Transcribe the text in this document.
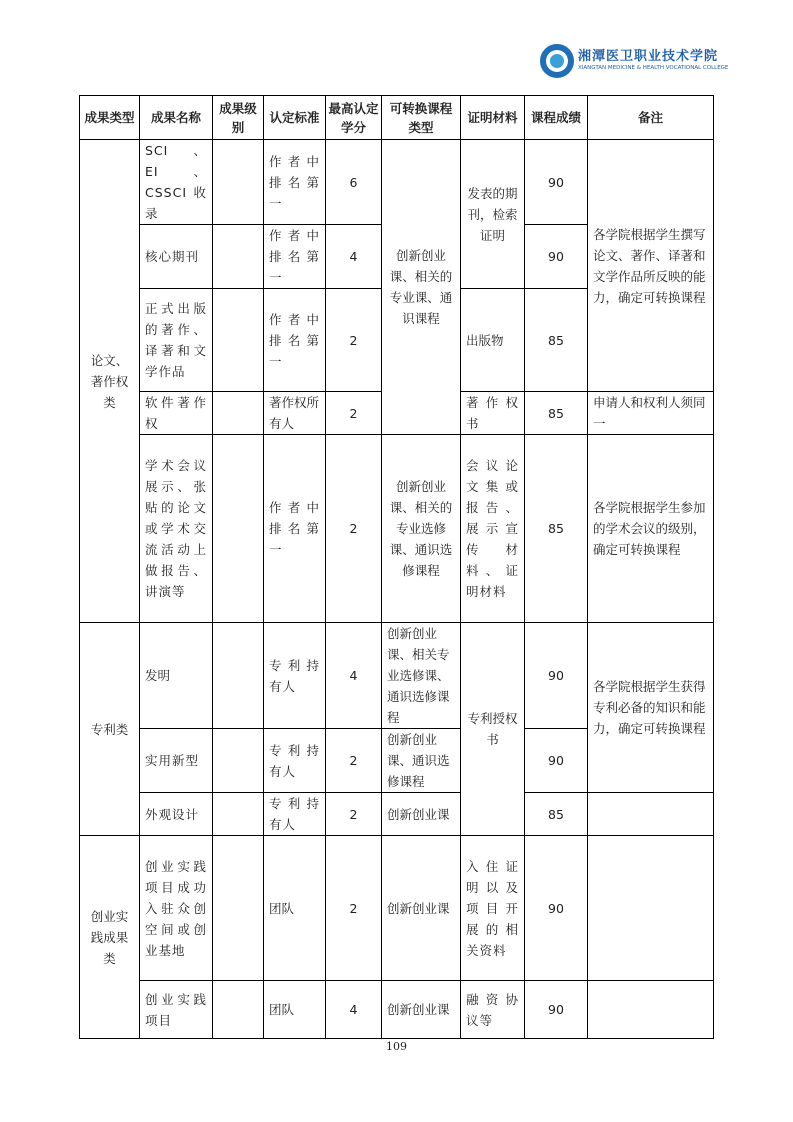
湘潭医卫职业技术学院
XIANGTAN MEDICINE & HEALTH VOCATIONAL COLLEGE
成果类型	成果名称	成果级别	认定标准	最高认定学分	可转换课程类型	证明材料	课程成绩	备注
论文、著作权类	SCI、EI、CSSCI 收录		作者中排名第一	6	创新创业课、相关的专业课、通识课程	发表的期刊，检索证明	90	各学院根据学生撰写论文、著作、译著和文学作品所反映的能力，确定可转换课程
	核心期刊		作者中排名第一	4			90	
	正式出版的著作、译著和文学作品		作者中排名第一	2		出版物	85	
	软件著作权		著作权所有人	2		著作权书	85	申请人和权利人须同一
	学术会议展示、张贴的论文或学术交流活动上做报告、讲演等		作者中排名第一	2	创新创业课、相关的专业选修课、通识选修课程	会议论文集或报告、展示宣传材料、证明材料	85	各学院根据学生参加的学术会议的级别，确定可转换课程
专利类	发明		专利持有人	4	创新创业课、相关专业选修课、通识选修课程	专利授权书	90	各学院根据学生获得专利必备的知识和能力，确定可转换课程
	实用新型		专利持有人	2	创新创业课、通识选修课程		90	
	外观设计		专利持有人	2	创新创业课		85	
创业实践成果类	创业实践项目成功入驻众创空间或创业基地		团队	2	创新创业课	入住证明以及项目开展的相关资料	90	
	创业实践项目		团队	4	创新创业课	融资协议等	90	
109
